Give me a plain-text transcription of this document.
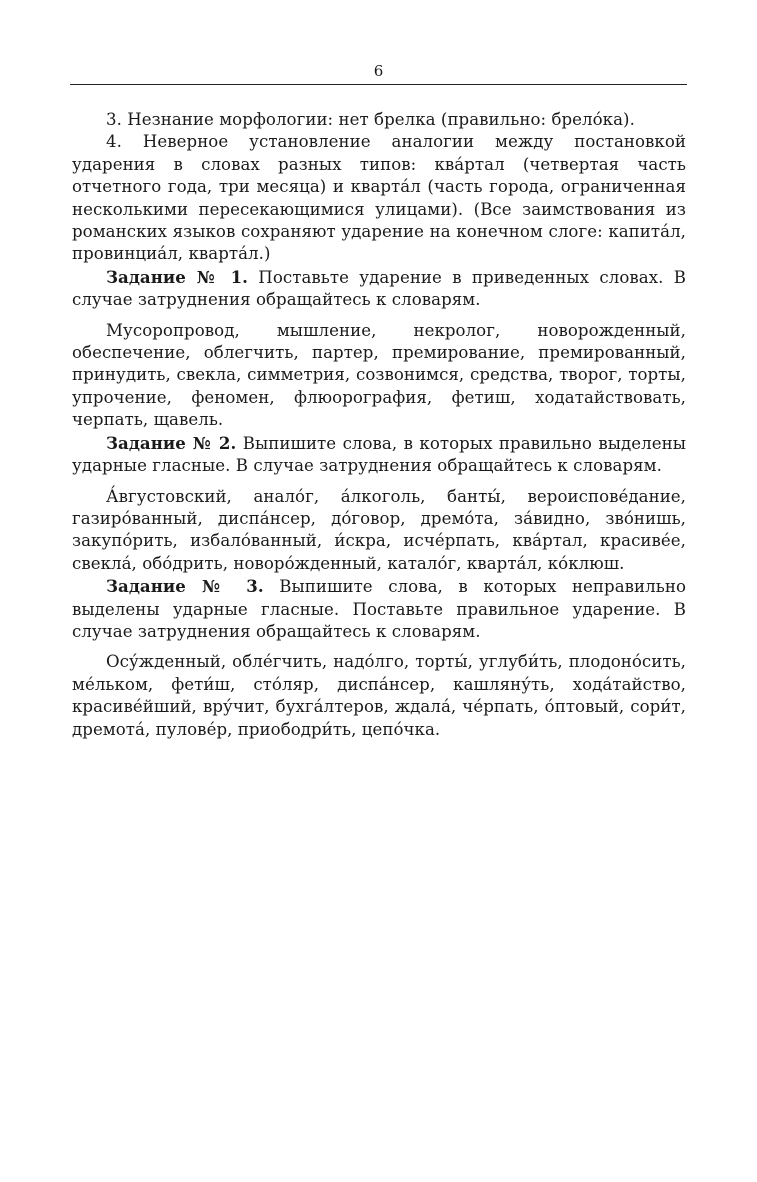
6

3. Незнание морфологии: нет брелка (правильно: брело́ка).

4. Неверное установление аналогии между постановкой ударения в словах разных типов: ква́ртал (четвертая часть отчетного года, три месяца) и кварта́л (часть города, ограниченная несколькими пересекающимися улицами). (Все заимствования из романских языков сохраняют ударение на конечном слоге: капита́л, провинциа́л, кварта́л.)

Задание № 1. Поставьте ударение в приведенных словах. В случае затруднения обращайтесь к словарям.

Мусоропровод, мышление, некролог, новорожденный, обеспечение, облегчить, партер, премирование, премированный, принудить, свекла, симметрия, созвонимся, средства, творог, торты, упрочение, феномен, флюорография, фетиш, ходатайствовать, черпать, щавель.

Задание № 2. Выпишите слова, в которых правильно выделены ударные гласные. В случае затруднения обращайтесь к словарям.

А́вгустовский, анало́г, а́лкоголь, банты́, вероиспове́дание, газиро́ванный, диспа́нсер, до́говор, дремо́та, за́видно, зво́нишь, закупо́рить, избало́ванный, и́скра, исче́рпать, ква́ртал, красиве́е, свекла́, обо́дрить, новоро́жденный, катало́г, кварта́л, ко́клюш.

Задание № 3. Выпишите слова, в которых неправильно выделены ударные гласные. Поставьте правильное ударение. В случае затруднения обращайтесь к словарям.

Осу́жденный, обле́гчить, надо́лго, торты́, углуби́ть, плодоно́сить, ме́льком, фети́ш, сто́ляр, диспа́нсер, кашляну́ть, хода́тайство, красиве́йший, вру́чит, бухга́лтеров, ждала́, че́рпать, о́птовый, сори́т, дремота́, пулове́р, приободри́ть, цепо́чка.
